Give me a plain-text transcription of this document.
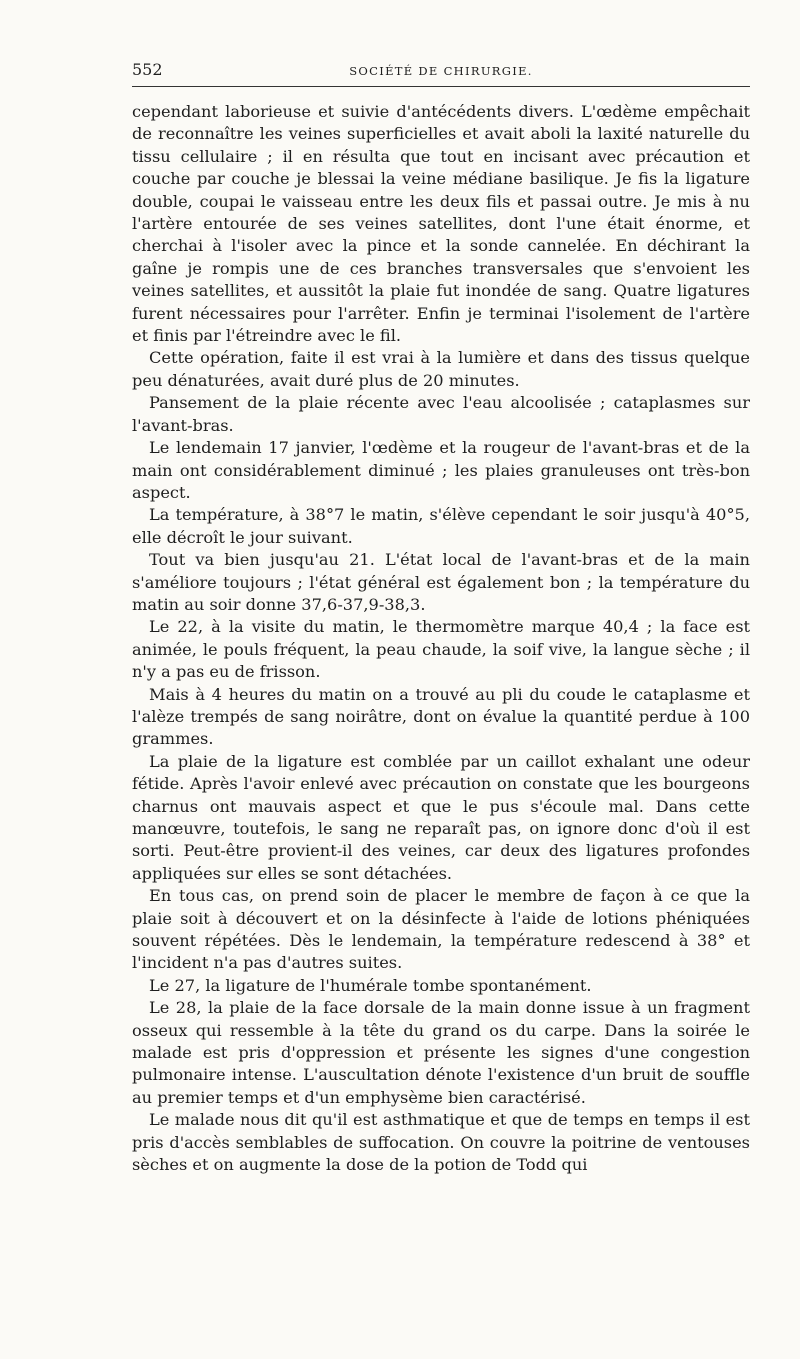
552	SOCIÉTÉ DE CHIRURGIE.

cependant laborieuse et suivie d'antécédents divers. L'œdème empêchait de reconnaître les veines superficielles et avait aboli la laxité naturelle du tissu cellulaire ; il en résulta que tout en incisant avec précaution et couche par couche je blessai la veine médiane basilique. Je fis la ligature double, coupai le vaisseau entre les deux fils et passai outre. Je mis à nu l'artère entourée de ses veines satellites, dont l'une était énorme, et cherchai à l'isoler avec la pince et la sonde cannelée. En déchirant la gaîne je rompis une de ces branches transversales que s'envoient les veines satellites, et aussitôt la plaie fut inondée de sang. Quatre ligatures furent nécessaires pour l'arrêter. Enfin je terminai l'isolement de l'artère et finis par l'étreindre avec le fil.

Cette opération, faite il est vrai à la lumière et dans des tissus quelque peu dénaturées, avait duré plus de 20 minutes.

Pansement de la plaie récente avec l'eau alcoolisée ; cataplasmes sur l'avant-bras.

Le lendemain 17 janvier, l'œdème et la rougeur de l'avant-bras et de la main ont considérablement diminué ; les plaies granuleuses ont très-bon aspect.

La température, à 38°7 le matin, s'élève cependant le soir jusqu'à 40°5, elle décroît le jour suivant.

Tout va bien jusqu'au 21. L'état local de l'avant-bras et de la main s'améliore toujours ; l'état général est également bon ; la température du matin au soir donne 37,6-37,9-38,3.

Le 22, à la visite du matin, le thermomètre marque 40,4 ; la face est animée, le pouls fréquent, la peau chaude, la soif vive, la langue sèche ; il n'y a pas eu de frisson.

Mais à 4 heures du matin on a trouvé au pli du coude le cataplasme et l'alèze trempés de sang noirâtre, dont on évalue la quantité perdue à 100 grammes.

La plaie de la ligature est comblée par un caillot exhalant une odeur fétide. Après l'avoir enlevé avec précaution on constate que les bourgeons charnus ont mauvais aspect et que le pus s'écoule mal. Dans cette manœuvre, toutefois, le sang ne reparaît pas, on ignore donc d'où il est sorti. Peut-être provient-il des veines, car deux des ligatures profondes appliquées sur elles se sont détachées.

En tous cas, on prend soin de placer le membre de façon à ce que la plaie soit à découvert et on la désinfecte à l'aide de lotions phéniquées souvent répétées. Dès le lendemain, la température redescend à 38° et l'incident n'a pas d'autres suites.

Le 27, la ligature de l'humérale tombe spontanément.

Le 28, la plaie de la face dorsale de la main donne issue à un fragment osseux qui ressemble à la tête du grand os du carpe. Dans la soirée le malade est pris d'oppression et présente les signes d'une congestion pulmonaire intense. L'auscultation dénote l'existence d'un bruit de souffle au premier temps et d'un emphysème bien caractérisé.

Le malade nous dit qu'il est asthmatique et que de temps en temps il est pris d'accès semblables de suffocation. On couvre la poitrine de ventouses sèches et on augmente la dose de la potion de Todd qui
